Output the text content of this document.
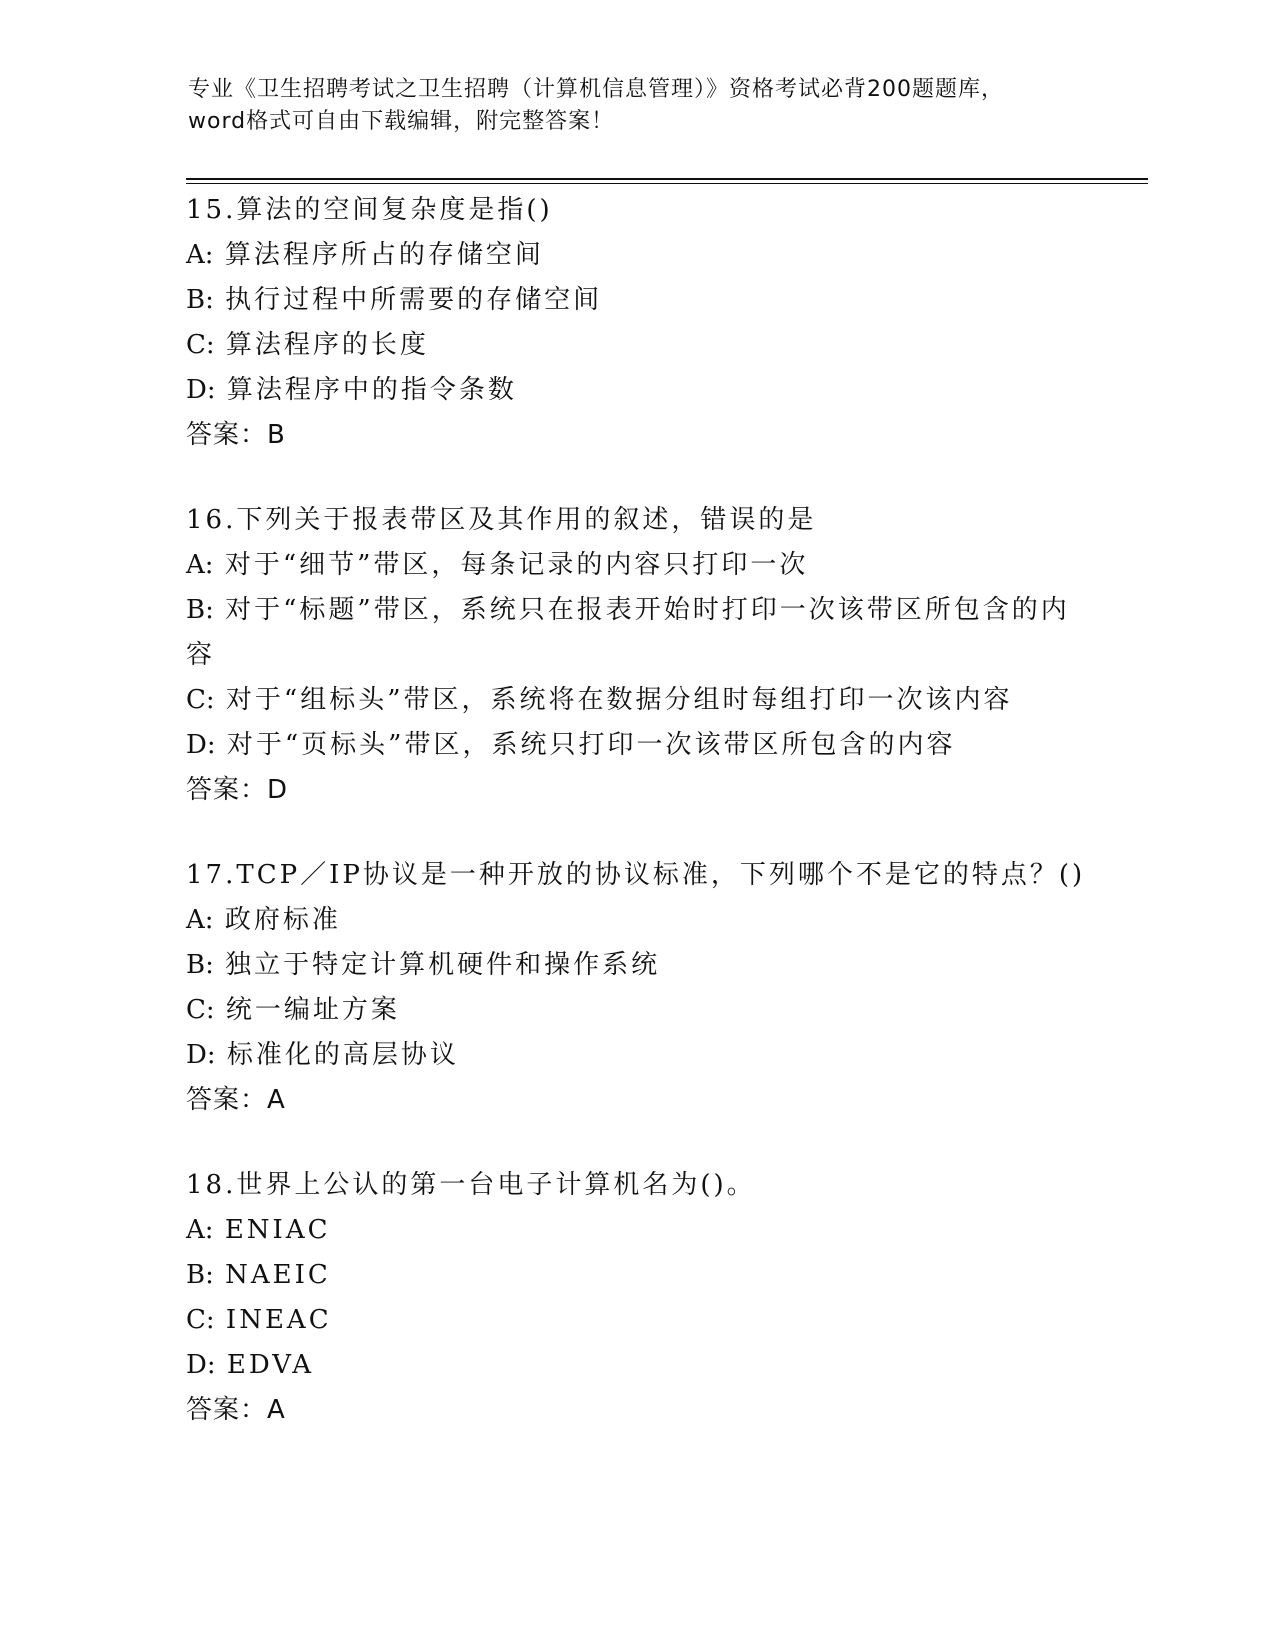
专业《卫生招聘考试之卫生招聘（计算机信息管理）》资格考试必背200题题库，
word格式可自由下载编辑，附完整答案！
15.算法的空间复杂度是指()
A: 算法程序所占的存储空间
B: 执行过程中所需要的存储空间
C: 算法程序的长度
D: 算法程序中的指令条数
答案：B
16.下列关于报表带区及其作用的叙述，错误的是
A: 对于“细节”带区，每条记录的内容只打印一次
B: 对于“标题”带区，系统只在报表开始时打印一次该带区所包含的内容
C: 对于“组标头”带区，系统将在数据分组时每组打印一次该内容
D: 对于“页标头”带区，系统只打印一次该带区所包含的内容
答案：D
17.TCP／IP协议是一种开放的协议标准，下列哪个不是它的特点？()
A: 政府标准
B: 独立于特定计算机硬件和操作系统
C: 统一编址方案
D: 标准化的高层协议
答案：A
18.世界上公认的第一台电子计算机名为()。
A: ENIAC
B: NAEIC
C: INEAC
D: EDVA
答案：A
